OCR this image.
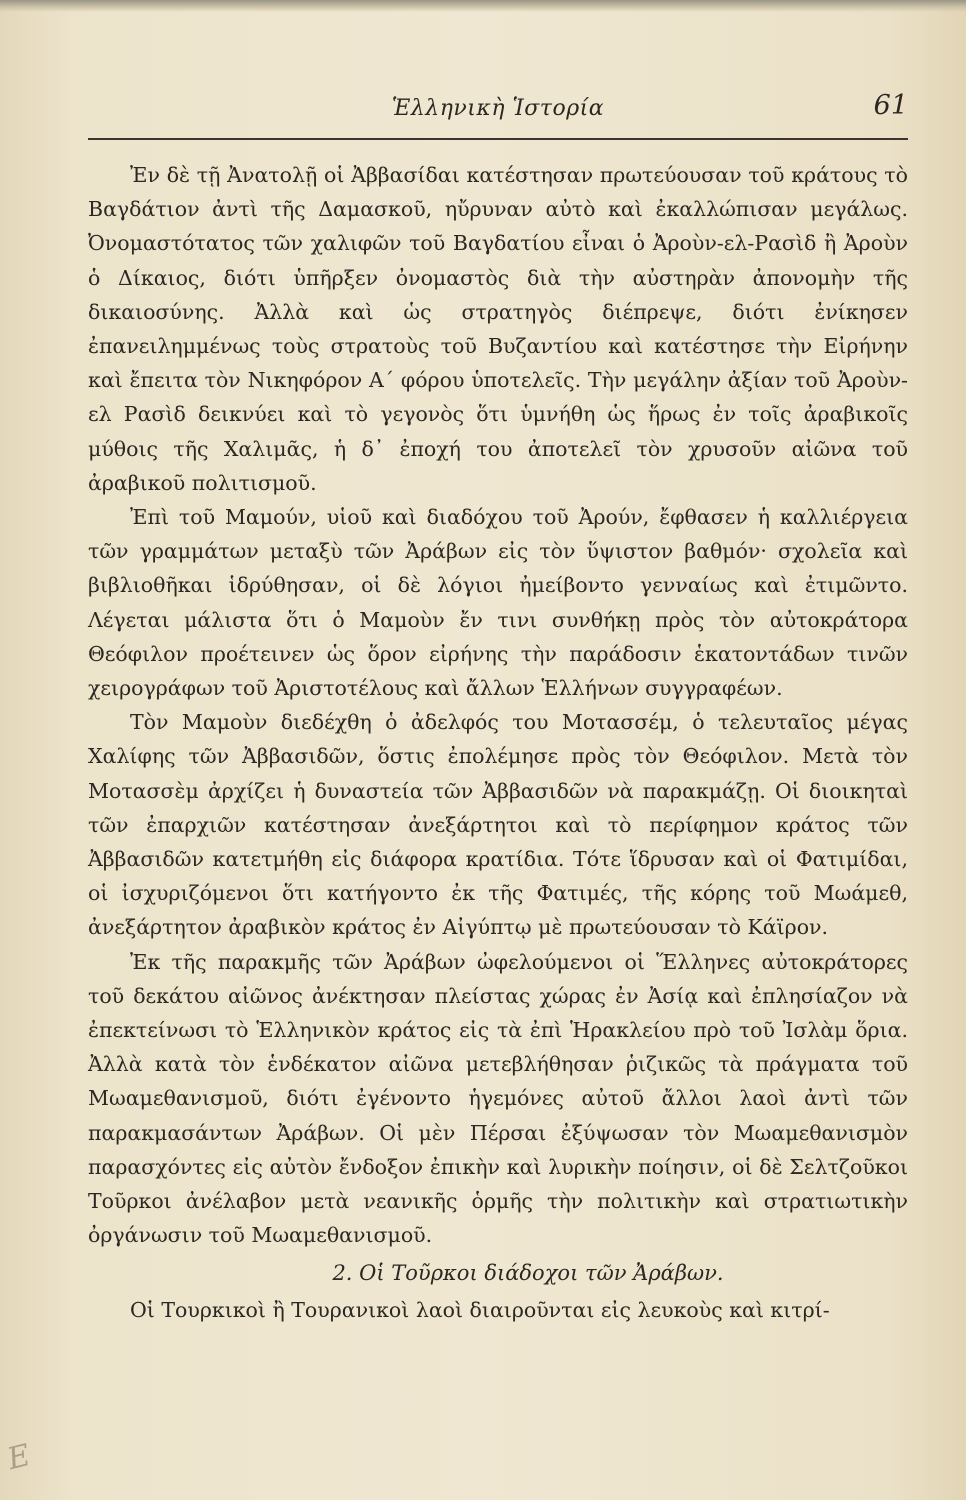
Ἑλληνικὴ Ἱστορία	61

Ἐν δὲ τῇ Ἀνατολῇ οἱ Ἀββασίδαι κατέστησαν πρωτεύουσαν τοῦ κράτους τὸ Βαγδάτιον ἀντὶ τῆς Δαμασκοῦ, ηὔρυναν αὐτὸ καὶ ἐκαλλώπισαν μεγάλως. Ὀνομαστότατος τῶν χαλιφῶν τοῦ Βαγδατίου εἶναι ὁ Ἀροὺν-ελ-Ρασὶδ ἢ Ἀροὺν ὁ Δίκαιος, διότι ὑπῆρξεν ὀνομαστὸς διὰ τὴν αὐστηρὰν ἀπονομὴν τῆς δικαιοσύνης. Ἀλλὰ καὶ ὡς στρατηγὸς διέπρεψε, διότι ἐνίκησεν ἐπανειλημμένως τοὺς στρατοὺς τοῦ Βυζαντίου καὶ κατέστησε τὴν Εἰρήνην καὶ ἔπειτα τὸν Νικηφόρον Α΄ φόρου ὑποτελεῖς. Τὴν μεγάλην ἀξίαν τοῦ Ἀροὺν-ελ Ρασὶδ δεικνύει καὶ τὸ γεγονὸς ὅτι ὑμνήθη ὡς ἥρως ἐν τοῖς ἀραβικοῖς μύθοις τῆς Χαλιμᾶς, ἡ δ᾽ ἐποχή του ἀποτελεῖ τὸν χρυσοῦν αἰῶνα τοῦ ἀραβικοῦ πολιτισμοῦ.

Ἐπὶ τοῦ Μαμούν, υἱοῦ καὶ διαδόχου τοῦ Ἀρούν, ἔφθασεν ἡ καλλιέργεια τῶν γραμμάτων μεταξὺ τῶν Ἀράβων εἰς τὸν ὕψιστον βαθμόν· σχολεῖα καὶ βιβλιοθῆκαι ἱδρύθησαν, οἱ δὲ λόγιοι ἠμείβοντο γενναίως καὶ ἐτιμῶντο. Λέγεται μάλιστα ὅτι ὁ Μαμοὺν ἔν τινι συνθήκῃ πρὸς τὸν αὐτοκράτορα Θεόφιλον προέτεινεν ὡς ὅρον εἰρήνης τὴν παράδοσιν ἑκατοντάδων τινῶν χειρογράφων τοῦ Ἀριστοτέλους καὶ ἄλλων Ἑλλήνων συγγραφέων.

Τὸν Μαμοὺν διεδέχθη ὁ ἀδελφός του Μοτασσέμ, ὁ τελευταῖος μέγας Χαλίφης τῶν Ἀββασιδῶν, ὅστις ἐπολέμησε πρὸς τὸν Θεόφιλον. Μετὰ τὸν Μοτασσὲμ ἀρχίζει ἡ δυναστεία τῶν Ἀββασιδῶν νὰ παρακμάζῃ. Οἱ διοικηταὶ τῶν ἐπαρχιῶν κατέστησαν ἀνεξάρτητοι καὶ τὸ περίφημον κράτος τῶν Ἀββασιδῶν κατετμήθη εἰς διάφορα κρατίδια. Τότε ἵδρυσαν καὶ οἱ Φατιμίδαι, οἱ ἰσχυριζόμενοι ὅτι κατήγοντο ἐκ τῆς Φατιμές, τῆς κόρης τοῦ Μωάμεθ, ἀνεξάρτητον ἀραβικὸν κράτος ἐν Αἰγύπτῳ μὲ πρωτεύουσαν τὸ Κάϊρον.

Ἐκ τῆς παρακμῆς τῶν Ἀράβων ὠφελούμενοι οἱ Ἕλληνες αὐτοκράτορες τοῦ δεκάτου αἰῶνος ἀνέκτησαν πλείστας χώρας ἐν Ἀσίᾳ καὶ ἐπλησίαζον νὰ ἐπεκτείνωσι τὸ Ἑλληνικὸν κράτος εἰς τὰ ἐπὶ Ἡρακλείου πρὸ τοῦ Ἰσλὰμ ὅρια. Ἀλλὰ κατὰ τὸν ἑνδέκατον αἰῶνα μετεβλήθησαν ῥιζικῶς τὰ πράγματα τοῦ Μωαμεθανισμοῦ, διότι ἐγένοντο ἡγεμόνες αὐτοῦ ἄλλοι λαοὶ ἀντὶ τῶν παρακμασάντων Ἀράβων. Οἱ μὲν Πέρσαι ἐξύψωσαν τὸν Μωαμεθανισμὸν παρασχόντες εἰς αὐτὸν ἔνδοξον ἐπικὴν καὶ λυρικὴν ποίησιν, οἱ δὲ Σελτζοῦκοι Τοῦρκοι ἀνέλαβον μετὰ νεανικῆς ὁρμῆς τὴν πολιτικὴν καὶ στρατιωτικὴν ὀργάνωσιν τοῦ Μωαμεθανισμοῦ.

2. Οἱ Τοῦρκοι διάδοχοι τῶν Ἀράβων.

Οἱ Τουρκικοὶ ἢ Τουρανικοὶ λαοὶ διαιροῦνται εἰς λευκοὺς καὶ κιτρί-

E
